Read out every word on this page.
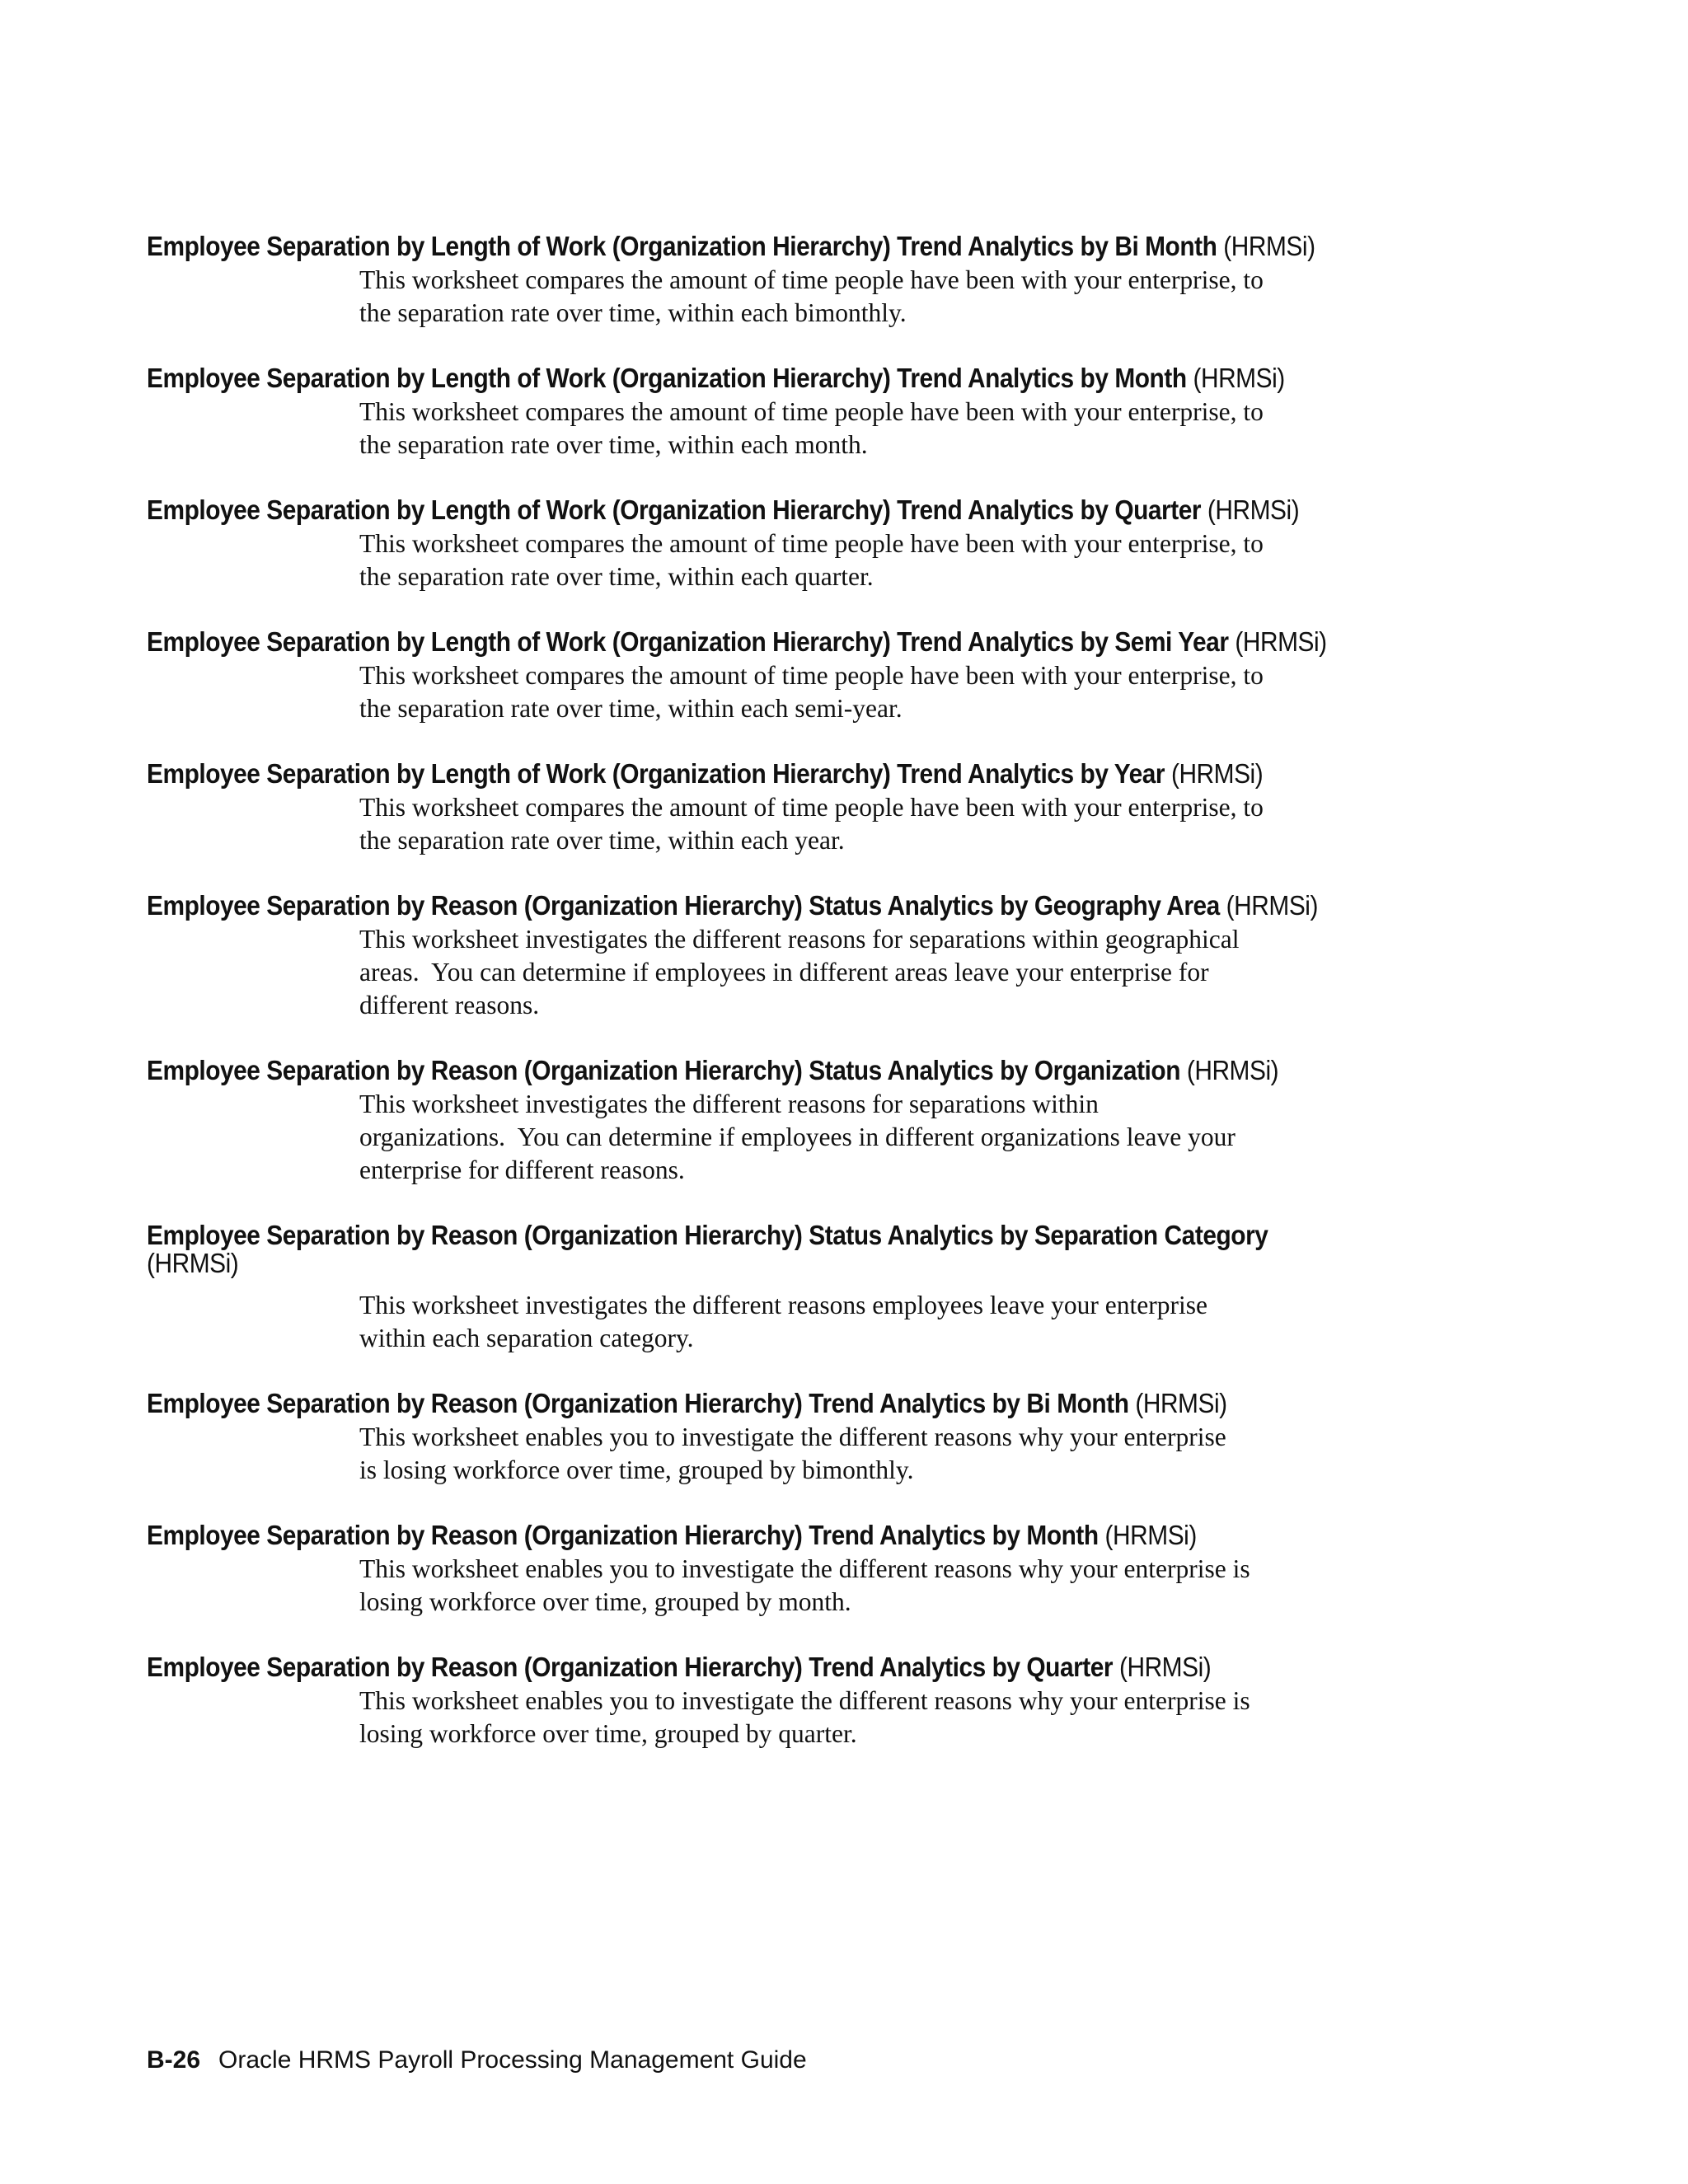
Employee Separation by Length of Work (Organization Hierarchy) Trend Analytics by Bi Month (HRMSi)

This worksheet compares the amount of time people have been with your enterprise, to
the separation rate over time, within each bimonthly.

Employee Separation by Length of Work (Organization Hierarchy) Trend Analytics by Month (HRMSi)

This worksheet compares the amount of time people have been with your enterprise, to
the separation rate over time, within each month.

Employee Separation by Length of Work (Organization Hierarchy) Trend Analytics by Quarter (HRMSi)

This worksheet compares the amount of time people have been with your enterprise, to
the separation rate over time, within each quarter.

Employee Separation by Length of Work (Organization Hierarchy) Trend Analytics by Semi Year (HRMSi)

This worksheet compares the amount of time people have been with your enterprise, to
the separation rate over time, within each semi-year.

Employee Separation by Length of Work (Organization Hierarchy) Trend Analytics by Year (HRMSi)

This worksheet compares the amount of time people have been with your enterprise, to
the separation rate over time, within each year.

Employee Separation by Reason (Organization Hierarchy) Status Analytics by Geography Area (HRMSi)

This worksheet investigates the different reasons for separations within geographical
areas.  You can determine if employees in different areas leave your enterprise for
different reasons.

Employee Separation by Reason (Organization Hierarchy) Status Analytics by Organization (HRMSi)

This worksheet investigates the different reasons for separations within
organizations.  You can determine if employees in different organizations leave your
enterprise for different reasons.

Employee Separation by Reason (Organization Hierarchy) Status Analytics by Separation Category
(HRMSi)

This worksheet investigates the different reasons employees leave your enterprise
within each separation category.

Employee Separation by Reason (Organization Hierarchy) Trend Analytics by Bi Month (HRMSi)

This worksheet enables you to investigate the different reasons why your enterprise
is losing workforce over time, grouped by bimonthly.

Employee Separation by Reason (Organization Hierarchy) Trend Analytics by Month (HRMSi)

This worksheet enables you to investigate the different reasons why your enterprise is
losing workforce over time, grouped by month.

Employee Separation by Reason (Organization Hierarchy) Trend Analytics by Quarter (HRMSi)

This worksheet enables you to investigate the different reasons why your enterprise is
losing workforce over time, grouped by quarter.
B-26 Oracle HRMS Payroll Processing Management Guide
